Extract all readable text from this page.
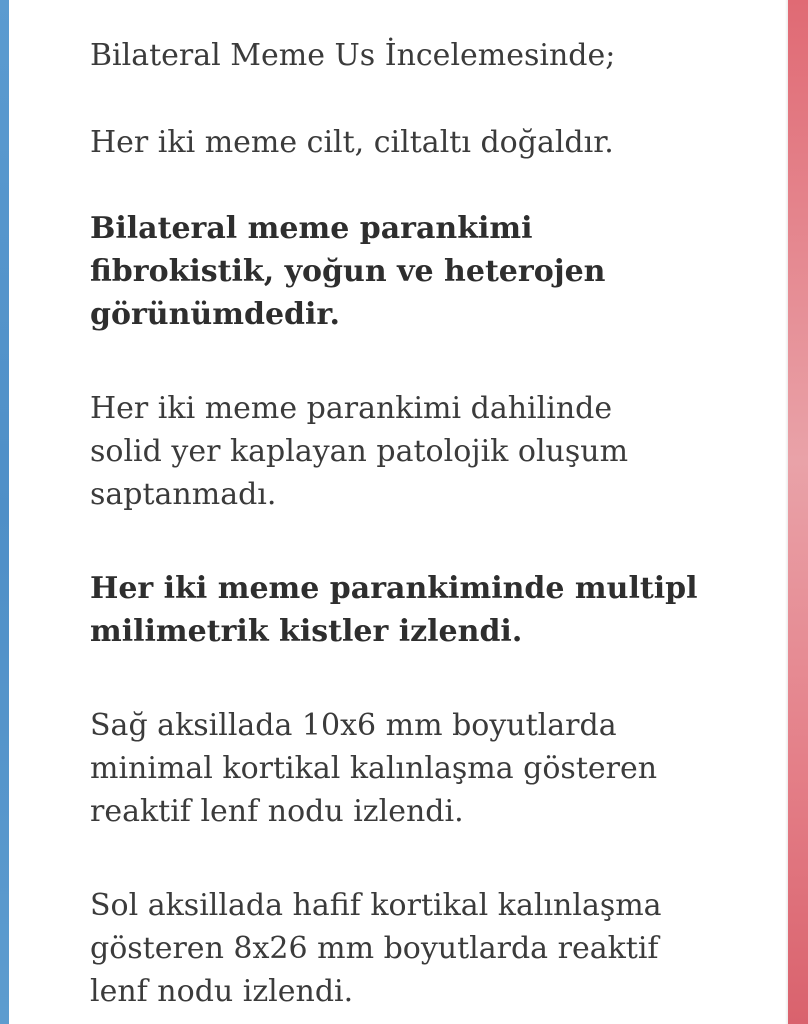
Bilateral Meme Us İncelemesinde;

Her iki meme cilt, ciltaltı doğaldır.

Bilateral meme parankimi
fibrokistik, yoğun ve heterojen
görünümdedir.

Her iki meme parankimi dahilinde
solid yer kaplayan patolojik oluşum
saptanmadı.

Her iki meme parankiminde multipl
milimetrik kistler izlendi.

Sağ aksillada 10x6 mm boyutlarda
minimal kortikal kalınlaşma gösteren
reaktif lenf nodu izlendi.

Sol aksillada hafif kortikal kalınlaşma
gösteren 8x26 mm boyutlarda reaktif
lenf nodu izlendi.
